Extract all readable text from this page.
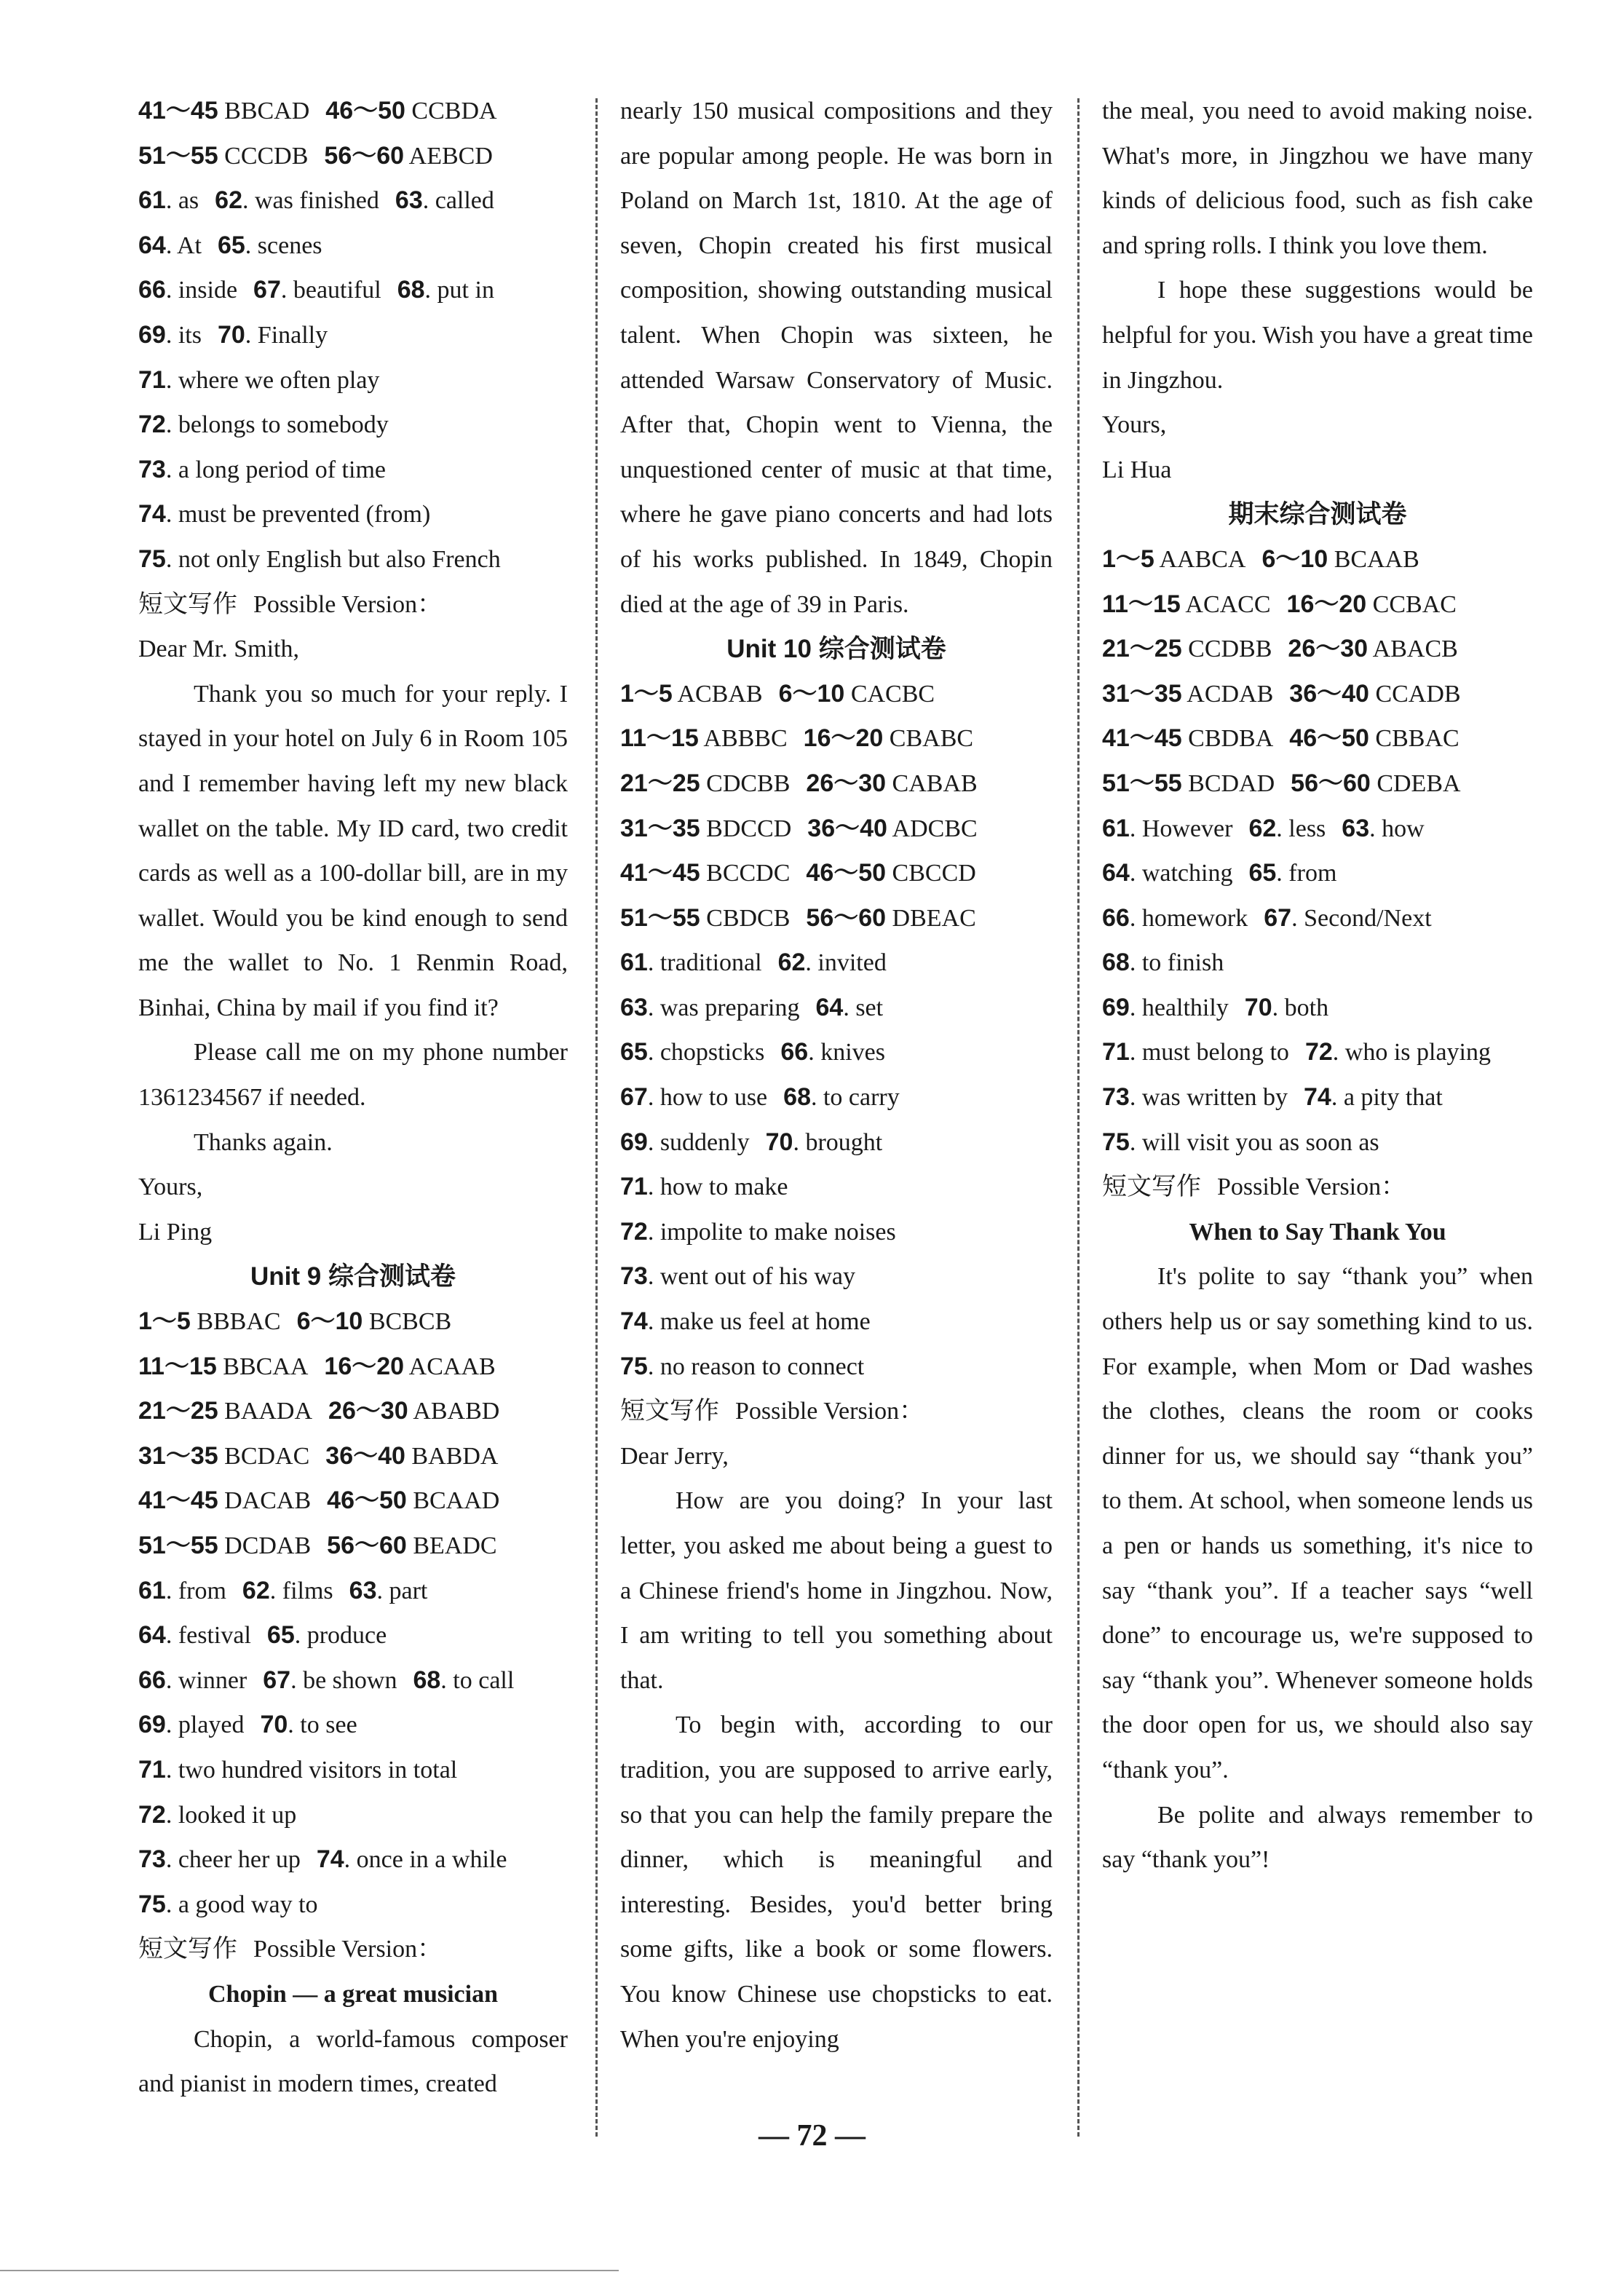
41～45 BBCAD 46～50 CCBDA
51～55 CCCDB 56～60 AEBCD
61. as 62. was finished 63. called
64. At 65. scenes
66. inside 67. beautiful 68. put in
69. its 70. Finally
71. where we often play
72. belongs to somebody
73. a long period of time
74. must be prevented (from)
75. not only English but also French
短文写作 Possible Version：
Dear Mr. Smith,
Thank you so much for your reply. I stayed in your hotel on July 6 in Room 105 and I remember having left my new black wallet on the table. My ID card, two credit cards as well as a 100-dollar bill, are in my wallet. Would you be kind enough to send me the wallet to No. 1 Renmin Road, Binhai, China by mail if you find it?
Please call me on my phone number 1361234567 if needed.
Thanks again.
Yours,
Li Ping
Unit 9 综合测试卷
1～5 BBBAC 6～10 BCBCB
11～15 BBCAA 16～20 ACAAB
21～25 BAADA 26～30 ABABD
31～35 BCDAC 36～40 BABDA
41～45 DACAB 46～50 BCAAD
51～55 DCDAB 56～60 BEADC
61. from 62. films 63. part
64. festival 65. produce
66. winner 67. be shown 68. to call
69. played 70. to see
71. two hundred visitors in total
72. looked it up
73. cheer her up 74. once in a while
75. a good way to
短文写作 Possible Version：
Chopin — a great musician
Chopin, a world-famous composer and pianist in modern times, created
nearly 150 musical compositions and they are popular among people. He was born in Poland on March 1st, 1810. At the age of seven, Chopin created his first musical composition, showing outstanding musical talent. When Chopin was sixteen, he attended Warsaw Conservatory of Music. After that, Chopin went to Vienna, the unquestioned center of music at that time, where he gave piano concerts and had lots of his works published. In 1849, Chopin died at the age of 39 in Paris.
Unit 10 综合测试卷
1～5 ACBAB 6～10 CACBC
11～15 ABBBC 16～20 CBABC
21～25 CDCBB 26～30 CABAB
31～35 BDCCD 36～40 ADCBC
41～45 BCCDC 46～50 CBCCD
51～55 CBDCB 56～60 DBEAC
61. traditional 62. invited
63. was preparing 64. set
65. chopsticks 66. knives
67. how to use 68. to carry
69. suddenly 70. brought
71. how to make
72. impolite to make noises
73. went out of his way
74. make us feel at home
75. no reason to connect
短文写作 Possible Version：
Dear Jerry,
How are you doing? In your last letter, you asked me about being a guest to a Chinese friend's home in Jingzhou. Now, I am writing to tell you something about that.
To begin with, according to our tradition, you are supposed to arrive early, so that you can help the family prepare the dinner, which is meaningful and interesting. Besides, you'd better bring some gifts, like a book or some flowers. You know Chinese use chopsticks to eat. When you're enjoying
the meal, you need to avoid making noise. What's more, in Jingzhou we have many kinds of delicious food, such as fish cake and spring rolls. I think you love them.
I hope these suggestions would be helpful for you. Wish you have a great time in Jingzhou.
Yours,
Li Hua
期末综合测试卷
1～5 AABCA 6～10 BCAAB
11～15 ACACC 16～20 CCBAC
21～25 CCDBB 26～30 ABACB
31～35 ACDAB 36～40 CCADB
41～45 CBDBA 46～50 CBBAC
51～55 BCDAD 56～60 CDEBA
61. However 62. less 63. how
64. watching 65. from
66. homework 67. Second/Next
68. to finish
69. healthily 70. both
71. must belong to 72. who is playing
73. was written by 74. a pity that
75. will visit you as soon as
短文写作 Possible Version：
When to Say Thank You
It's polite to say “thank you” when others help us or say something kind to us. For example, when Mom or Dad washes the clothes, cleans the room or cooks dinner for us, we should say “thank you” to them. At school, when someone lends us a pen or hands us something, it's nice to say “thank you”. If a teacher says “well done” to encourage us, we're supposed to say “thank you”. Whenever someone holds the door open for us, we should also say “thank you”.
Be polite and always remember to say “thank you”!
— 72 —
